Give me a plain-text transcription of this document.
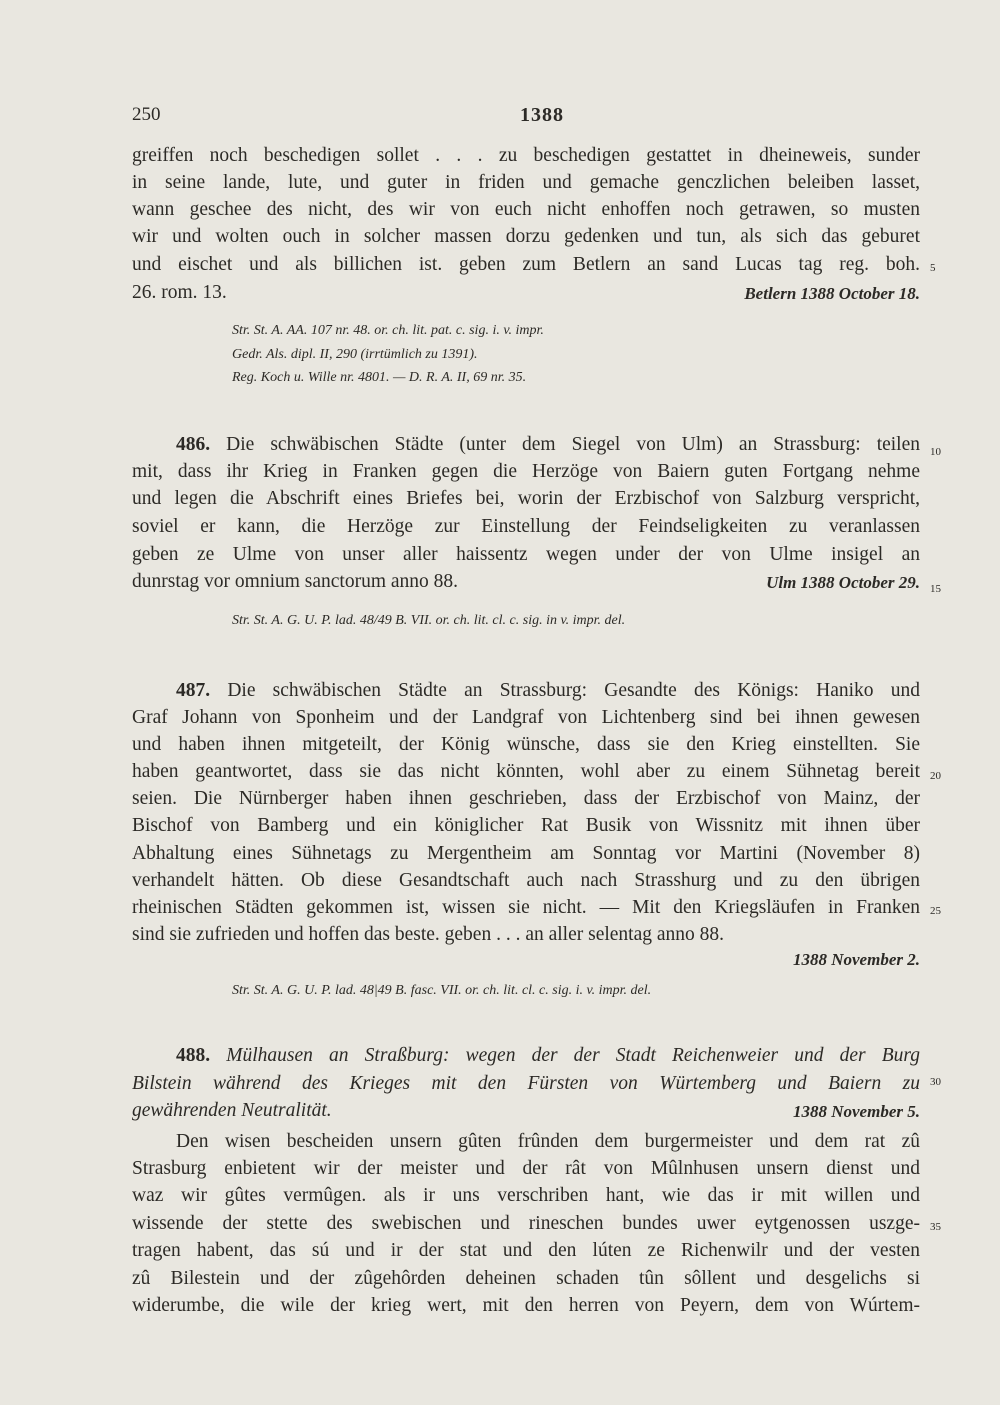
250	1388
greiffen noch beschedigen sollet . . . zu beschedigen gestattet in dheineweis, sunder
in seine lande, lute, und guter in friden und gemache genczlichen beleiben lasset,
wann geschee des nicht, des wir von euch nicht enhoffen noch getrawen, so musten
wir und wolten ouch in solcher massen dorzu gedenken und tun, als sich das geburet
und eischet und als billichen ist. geben zum Betlern an sand Lucas tag reg. boh.
26. rom. 13.	Betlern 1388 October 18.
Str. St. A. AA. 107 nr. 48. or. ch. lit. pat. c. sig. i. v. impr.
Gedr. Als. dipl. II, 290 (irrtümlich zu 1391).
Reg. Koch u. Wille nr. 4801. — D. R. A. II, 69 nr. 35.
486. Die schwäbischen Städte (unter dem Siegel von Ulm) an Strassburg: teilen
mit, dass ihr Krieg in Franken gegen die Herzöge von Baiern guten Fortgang nehme
und legen die Abschrift eines Briefes bei, worin der Erzbischof von Salzburg verspricht,
soviel er kann, die Herzöge zur Einstellung der Feindseligkeiten zu veranlassen
geben ze Ulme von unser aller haissentz wegen under der von Ulme insigel an
dunrstag vor omnium sanctorum anno 88.	Ulm 1388 October 29.
Str. St. A. G. U. P. lad. 48/49 B. VII. or. ch. lit. cl. c. sig. in v. impr. del.
487. Die schwäbischen Städte an Strassburg: Gesandte des Königs: Haniko und
Graf Johann von Sponheim und der Landgraf von Lichtenberg sind bei ihnen gewesen
und haben ihnen mitgeteilt, der König wünsche, dass sie den Krieg einstellten. Sie
haben geantwortet, dass sie das nicht könnten, wohl aber zu einem Sühnetag bereit
seien. Die Nürnberger haben ihnen geschrieben, dass der Erzbischof von Mainz, der
Bischof von Bamberg und ein königlicher Rat Busik von Wissnitz mit ihnen über
Abhaltung eines Sühnetags zu Mergentheim am Sonntag vor Martini (November 8)
verhandelt hätten. Ob diese Gesandtschaft auch nach Strasshurg und zu den übrigen
rheinischen Städten gekommen ist, wissen sie nicht. — Mit den Kriegsläufen in Franken
sind sie zufrieden und hoffen das beste. geben . . . an aller selentag anno 88.
1388 November 2.
Str. St. A. G. U. P. lad. 48|49 B. fasc. VII. or. ch. lit. cl. c. sig. i. v. impr. del.
488. Mülhausen an Straßburg: wegen der der Stadt Reichenweier und der Burg
Bilstein während des Krieges mit den Fürsten von Würtemberg und Baiern zu
gewährenden Neutralität.	1388 November 5.
Den wisen bescheiden unsern gûten frûnden dem burgermeister und dem rat zû
Strasburg enbietent wir der meister und der rât von Mûlnhusen unsern dienst und
waz wir gûtes vermûgen. als ir uns verschriben hant, wie das ir mit willen und
wissende der stette des swebischen und rineschen bundes uwer eytgenossen uszge-
tragen habent, das sú und ir der stat und den lúten ze Richenwilr und der vesten
zû Bilestein und der zûgehôrden deheinen schaden tûn sôllent und desgelichs si
widerumbe, die wile der krieg wert, mit den herren von Peyern, dem von Wúrtem-
5
10
15
20
25
30
35
